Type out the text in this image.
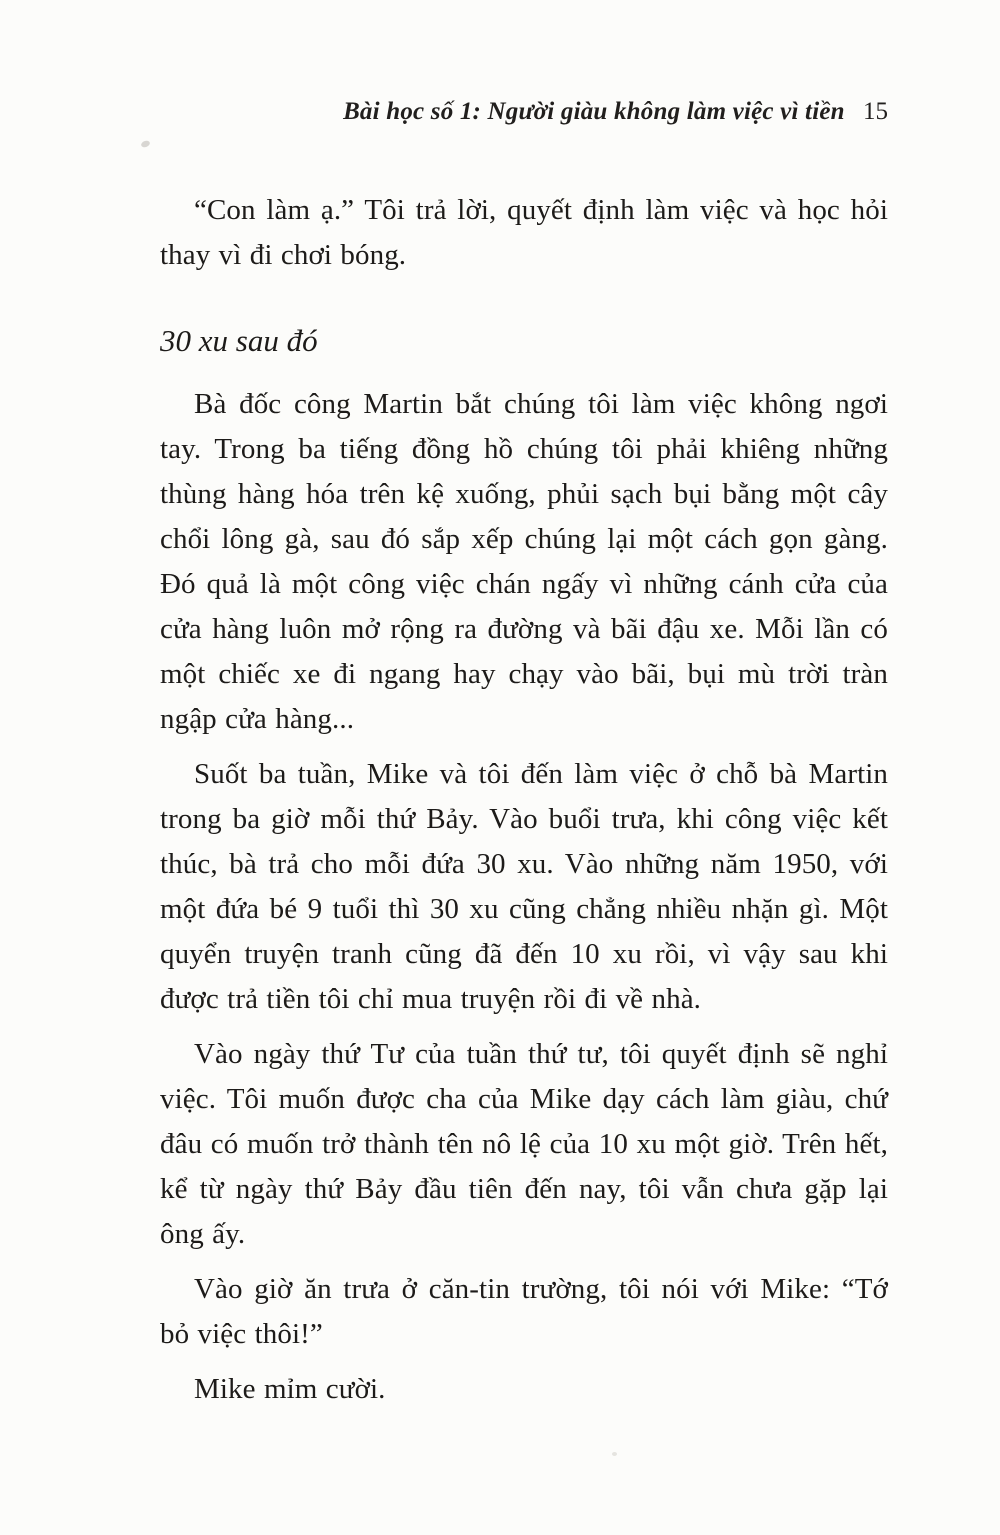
Bài học số 1: Người giàu không làm việc vì tiền 15

“Con làm ạ.” Tôi trả lời, quyết định làm việc và học hỏi thay vì đi chơi bóng.

30 xu sau đó

Bà đốc công Martin bắt chúng tôi làm việc không ngơi tay. Trong ba tiếng đồng hồ chúng tôi phải khiêng những thùng hàng hóa trên kệ xuống, phủi sạch bụi bằng một cây chổi lông gà, sau đó sắp xếp chúng lại một cách gọn gàng. Đó quả là một công việc chán ngấy vì những cánh cửa của cửa hàng luôn mở rộng ra đường và bãi đậu xe. Mỗi lần có một chiếc xe đi ngang hay chạy vào bãi, bụi mù trời tràn ngập cửa hàng...

Suốt ba tuần, Mike và tôi đến làm việc ở chỗ bà Martin trong ba giờ mỗi thứ Bảy. Vào buổi trưa, khi công việc kết thúc, bà trả cho mỗi đứa 30 xu. Vào những năm 1950, với một đứa bé 9 tuổi thì 30 xu cũng chẳng nhiều nhặn gì. Một quyển truyện tranh cũng đã đến 10 xu rồi, vì vậy sau khi được trả tiền tôi chỉ mua truyện rồi đi về nhà.

Vào ngày thứ Tư của tuần thứ tư, tôi quyết định sẽ nghỉ việc. Tôi muốn được cha của Mike dạy cách làm giàu, chứ đâu có muốn trở thành tên nô lệ của 10 xu một giờ. Trên hết, kể từ ngày thứ Bảy đầu tiên đến nay, tôi vẫn chưa gặp lại ông ấy.

Vào giờ ăn trưa ở căn-tin trường, tôi nói với Mike: “Tớ bỏ việc thôi!”

Mike mỉm cười.
